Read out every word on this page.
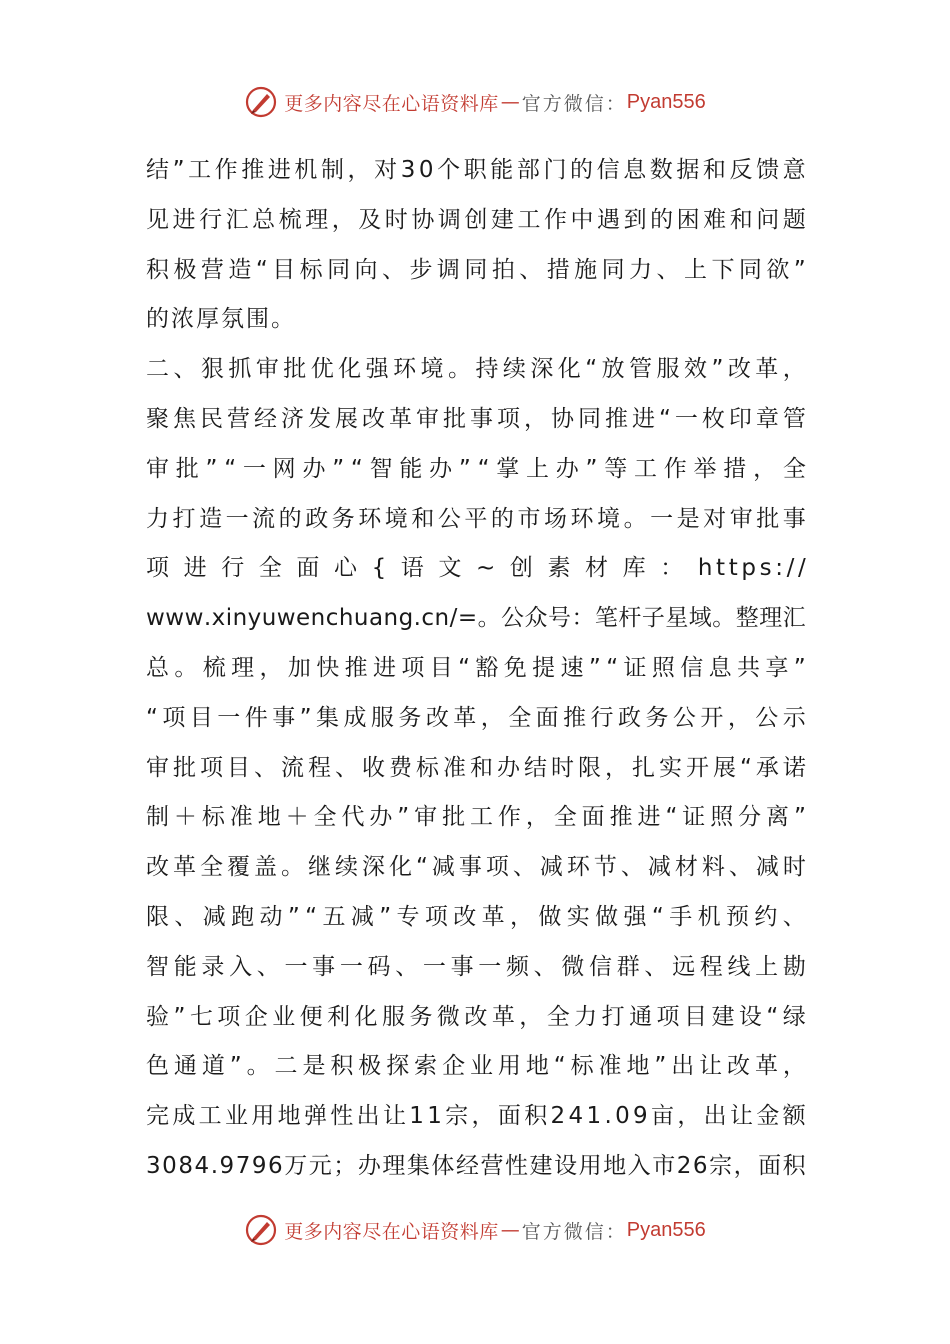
更多内容尽在心语资料库 — 官方微信： Pyan556
结 ” 工 作 推 进 机 制 ， 对 3 0 个 职 能 部 门 的 信 息 数 据 和 反 馈 意
见 进 行 汇 总 梳 理 ， 及 时 协 调 创 建 工 作 中 遇 到 的 困 难 和 问 题
积 极 营 造 “ 目 标 同 向 、 步 调 同 拍 、 措 施 同 力 、 上 下 同 欲 ”
的浓厚氛围。
二 、 狠 抓 审 批 优 化 强 环 境 。 持 续 深 化 “ 放 管 服 效 ” 改 革 ，
聚 焦 民 营 经 济 发 展 改 革 审 批 事 项 ， 协 同 推 进 “ 一 枚 印 章 管
审 批 ” “ 一 网 办 ” “ 智 能 办 ” “ 掌 上 办 ” 等 工 作 举 措 ， 全
力 打 造 一 流 的 政 务 环 境 和 公 平 的 市 场 环 境 。 一 是 对 审 批 事
项
进
行
全
面
心
{
语
文
~
创
素
材
库
：
h t t p s : / /
w w w . x i n y u w e n c h u a n g . c n / = 。 公 众 号 ： 笔 杆 子 星 域 。 整 理 汇
总 。 梳 理 ， 加 快 推 进 项 目 “ 豁 免 提 速 ” “ 证 照 信 息 共 享 ”
“ 项 目 一 件 事 ” 集 成 服 务 改 革 ， 全 面 推 行 政 务 公 开 ， 公 示
审 批 项 目 、 流 程 、 收 费 标 准 和 办 结 时 限 ， 扎 实 开 展 “ 承 诺
制 ＋ 标 准 地 ＋ 全 代 办 ” 审 批 工 作 ， 全 面 推 进 “ 证 照 分 离 ”
改 革 全 覆 盖 。 继 续 深 化 “ 减 事 项 、 减 环 节 、 减 材 料 、 减 时
限 、 减 跑 动 ” “ 五 减 ” 专 项 改 革 ， 做 实 做 强 “ 手 机 预 约 、
智 能 录 入 、 一 事 一 码 、 一 事 一 频 、 微 信 群 、 远 程 线 上 勘
验 ” 七 项 企 业 便 利 化 服 务 微 改 革 ， 全 力 打 通 项 目 建 设 “ 绿
色 通 道 ” 。 二 是 积 极 探 索 企 业 用 地 “ 标 准 地 ” 出 让 改 革 ，
完 成 工 业 用 地 弹 性 出 让 1 1 宗 ， 面 积 2 4 1 . 0 9 亩 ， 出 让 金 额
3 0 8 4 . 9 7 9 6 万 元 ； 办 理 集 体 经 营 性 建 设 用 地 入 市 2 6 宗 ， 面 积
更多内容尽在心语资料库 — 官方微信： Pyan556
